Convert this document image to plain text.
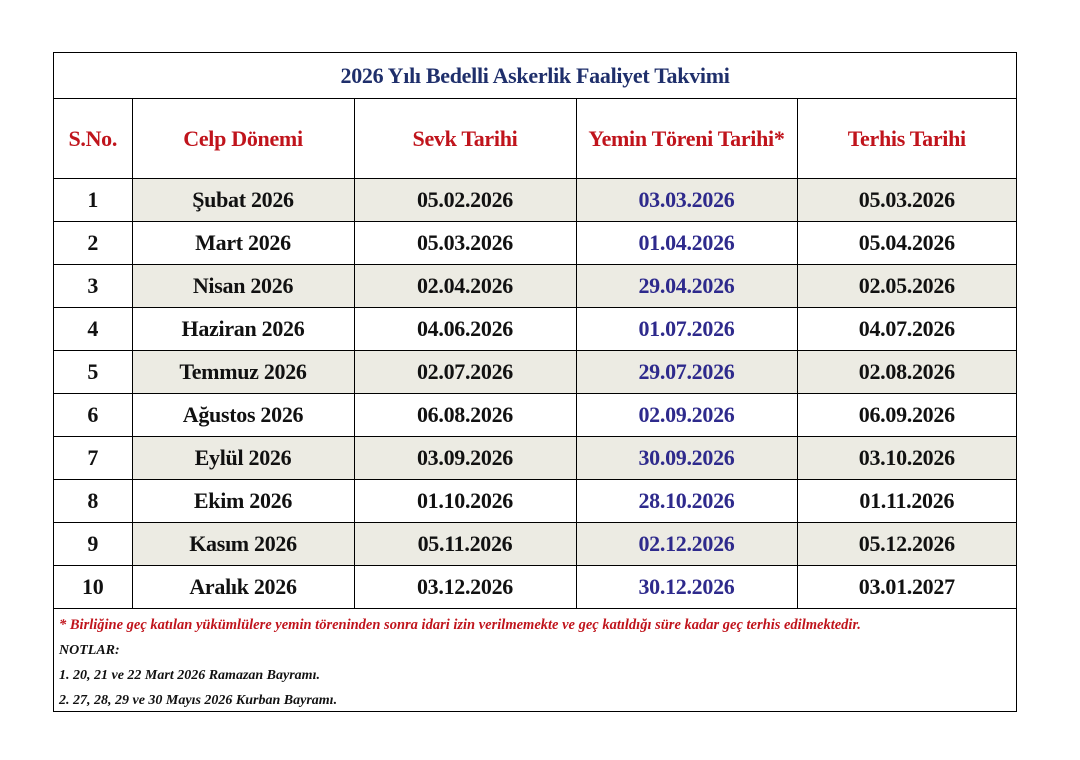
2026 Yılı Bedelli Askerlik Faaliyet Takvimi				
S.No.	Celp Dönemi	Sevk Tarihi	Yemin Töreni Tarihi*	Terhis Tarihi
1	Şubat 2026	05.02.2026	03.03.2026	05.03.2026
2	Mart 2026	05.03.2026	01.04.2026	05.04.2026
3	Nisan 2026	02.04.2026	29.04.2026	02.05.2026
4	Haziran 2026	04.06.2026	01.07.2026	04.07.2026
5	Temmuz 2026	02.07.2026	29.07.2026	02.08.2026
6	Ağustos 2026	06.08.2026	02.09.2026	06.09.2026
7	Eylül 2026	03.09.2026	30.09.2026	03.10.2026
8	Ekim 2026	01.10.2026	28.10.2026	01.11.2026
9	Kasım 2026	05.11.2026	02.12.2026	05.12.2026
10	Aralık 2026	03.12.2026	30.12.2026	03.01.2027
* Birliğine geç katılan yükümlülere yemin töreninden sonra idari izin verilmemekte ve geç katıldığı süre kadar geç terhis edilmektedir.
NOTLAR:
1. 20, 21 ve 22 Mart 2026 Ramazan Bayramı.
2. 27, 28, 29 ve 30 Mayıs 2026 Kurban Bayramı.
